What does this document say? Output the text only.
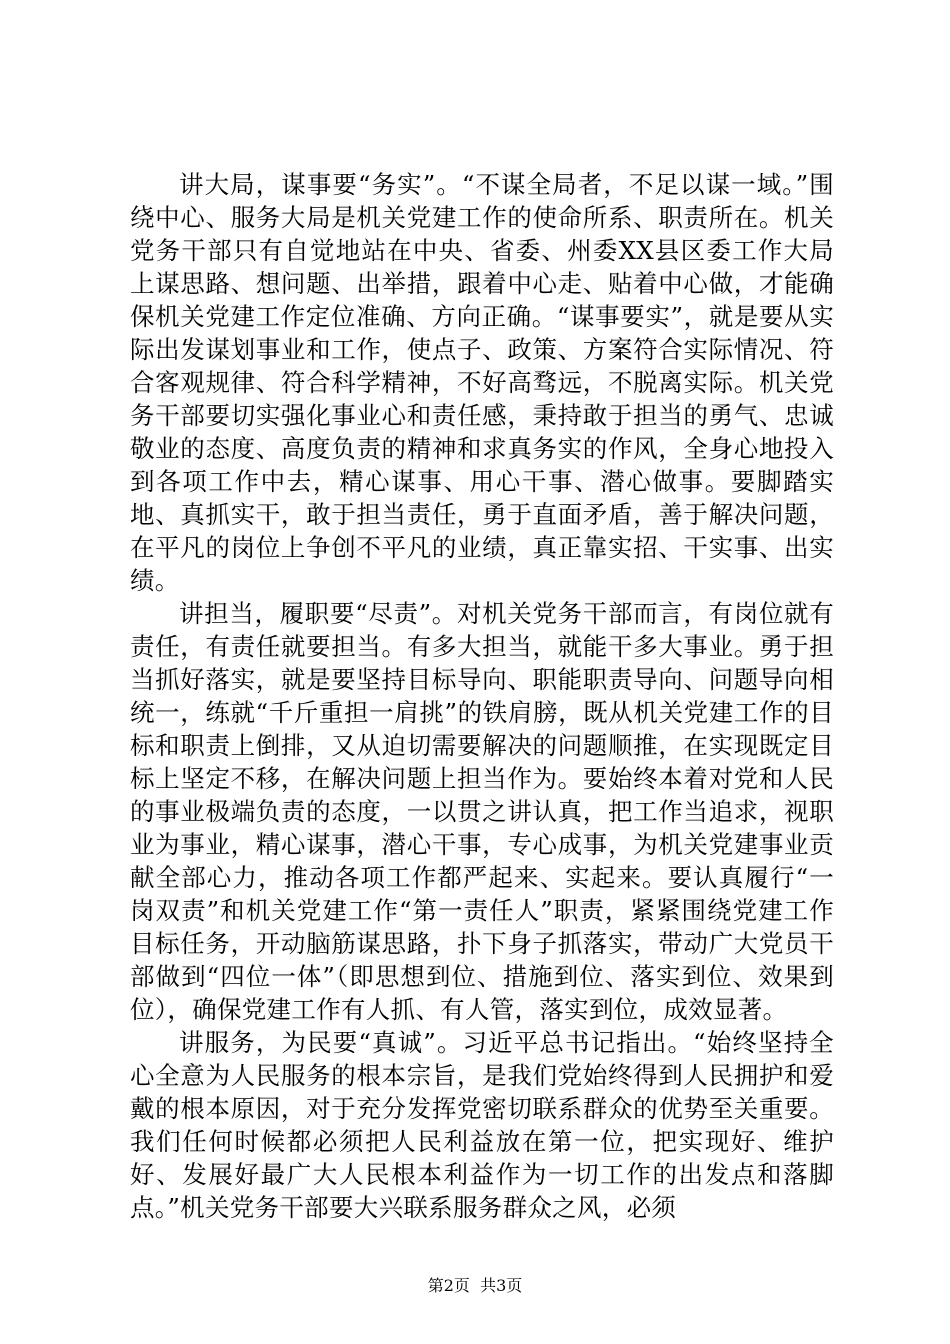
讲大局，谋事要“务实”。“不谋全局者，不足以谋一域。”围绕中心、服务大局是机关党建工作的使命所系、职责所在。机关党务干部只有自觉地站在中央、省委、州委XX县区委工作大局上谋思路、想问题、出举措，跟着中心走、贴着中心做，才能确保机关党建工作定位准确、方向正确。“谋事要实”，就是要从实际出发谋划事业和工作，使点子、政策、方案符合实际情况、符合客观规律、符合科学精神，不好高骛远，不脱离实际。机关党务干部要切实强化事业心和责任感，秉持敢于担当的勇气、忠诚敬业的态度、高度负责的精神和求真务实的作风，全身心地投入到各项工作中去，精心谋事、用心干事、潜心做事。要脚踏实地、真抓实干，敢于担当责任，勇于直面矛盾，善于解决问题，在平凡的岗位上争创不平凡的业绩，真正靠实招、干实事、出实绩。

讲担当，履职要“尽责”。对机关党务干部而言，有岗位就有责任，有责任就要担当。有多大担当，就能干多大事业。勇于担当抓好落实，就是要坚持目标导向、职能职责导向、问题导向相统一，练就“千斤重担一肩挑”的铁肩膀，既从机关党建工作的目标和职责上倒排，又从迫切需要解决的问题顺推，在实现既定目标上坚定不移，在解决问题上担当作为。要始终本着对党和人民的事业极端负责的态度，一以贯之讲认真，把工作当追求，视职业为事业，精心谋事，潜心干事，专心成事，为机关党建事业贡献全部心力，推动各项工作都严起来、实起来。要认真履行“一岗双责”和机关党建工作“第一责任人”职责，紧紧围绕党建工作目标任务，开动脑筋谋思路，扑下身子抓落实，带动广大党员干部做到“四位一体”（即思想到位、措施到位、落实到位、效果到位），确保党建工作有人抓、有人管，落实到位，成效显著。

讲服务，为民要“真诚”。习近平总书记指出。“始终坚持全心全意为人民服务的根本宗旨，是我们党始终得到人民拥护和爱戴的根本原因，对于充分发挥党密切联系群众的优势至关重要。我们任何时候都必须把人民利益放在第一位，把实现好、维护好、发展好最广大人民根本利益作为一切工作的出发点和落脚点。”机关党务干部要大兴联系服务群众之风，必须

第2页  共3页
